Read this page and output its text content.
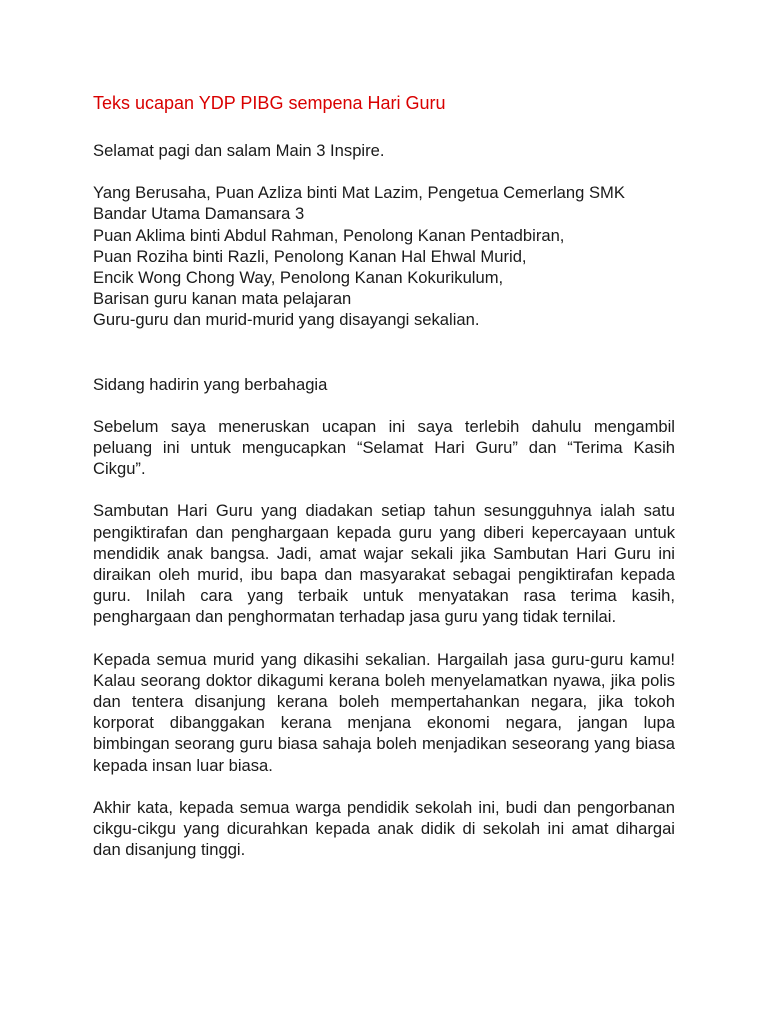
Teks ucapan YDP PIBG sempena Hari Guru

Selamat pagi dan salam Main 3 Inspire.

Yang Berusaha, Puan Azliza binti Mat Lazim, Pengetua Cemerlang SMK Bandar Utama Damansara 3
Puan Aklima binti Abdul Rahman, Penolong Kanan Pentadbiran,
Puan Roziha binti Razli, Penolong Kanan Hal Ehwal Murid,
Encik Wong Chong Way, Penolong Kanan Kokurikulum,
Barisan guru kanan mata pelajaran
Guru-guru dan murid-murid yang disayangi sekalian.

Sidang hadirin yang berbahagia

Sebelum saya meneruskan ucapan ini saya terlebih dahulu mengambil peluang ini untuk mengucapkan “Selamat Hari Guru” dan “Terima Kasih Cikgu”.

Sambutan Hari Guru yang diadakan setiap tahun sesungguhnya ialah satu pengiktirafan dan penghargaan kepada guru yang diberi kepercayaan untuk mendidik anak bangsa. Jadi, amat wajar sekali jika Sambutan Hari Guru ini diraikan oleh murid, ibu bapa dan masyarakat sebagai pengiktirafan kepada guru. Inilah cara yang terbaik untuk menyatakan rasa terima kasih, penghargaan dan penghormatan terhadap jasa guru yang tidak ternilai.

Kepada semua murid yang dikasihi sekalian. Hargailah jasa guru-guru kamu! Kalau seorang doktor dikagumi kerana boleh menyelamatkan nyawa, jika polis dan tentera disanjung kerana boleh mempertahankan negara, jika tokoh korporat dibanggakan kerana menjana ekonomi negara, jangan lupa bimbingan seorang guru biasa sahaja boleh menjadikan seseorang yang biasa kepada insan luar biasa.

Akhir kata, kepada semua warga pendidik sekolah ini, budi dan pengorbanan cikgu-cikgu yang dicurahkan kepada anak didik di sekolah ini amat dihargai dan disanjung tinggi.
